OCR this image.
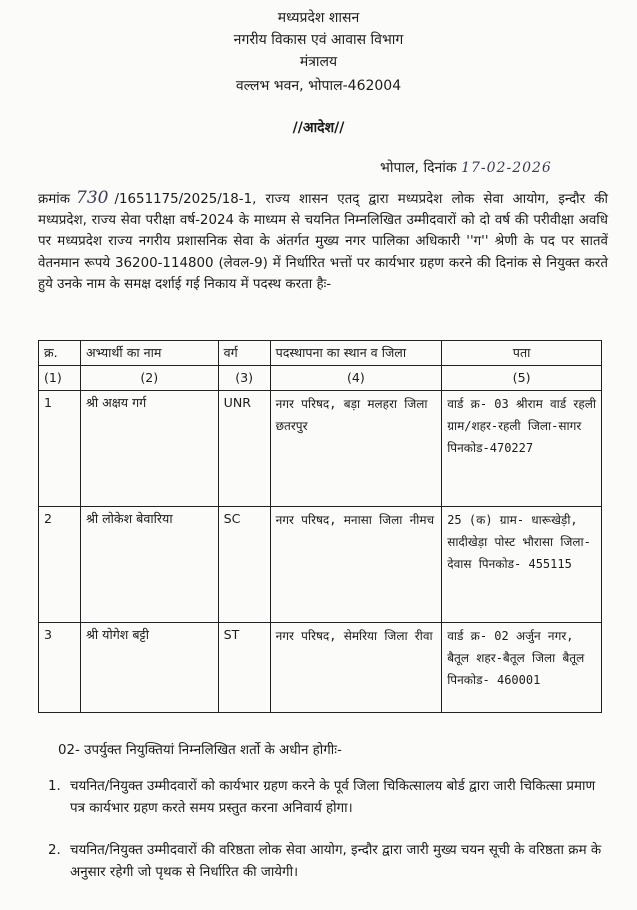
मध्यप्रदेश शासन
नगरीय विकास एवं आवास विभाग
मंत्रालय
वल्लभ भवन, भोपाल-462004
//आदेश//
भोपाल, दिनांक 17-02-2026
क्रमांक 730 /1651175/2025/18-1, राज्य शासन एतद् द्वारा मध्यप्रदेश लोक सेवा आयोग, इन्दौर की मध्यप्रदेश, राज्य सेवा परीक्षा वर्ष-2024 के माध्यम से चयनित निम्नलिखित उम्मीदवारों को दो वर्ष की परीवीक्षा अवधि पर मध्यप्रदेश राज्य नगरीय प्रशासनिक सेवा के अंतर्गत मुख्य नगर पालिका अधिकारी ''ग'' श्रेणी के पद पर सातवें वेतनमान रूपये 36200-114800 (लेवल-9) में निर्धारित भत्तों पर कार्यभार ग्रहण करने की दिनांक से नियुक्त करते हुये उनके नाम के समक्ष दर्शाई गई निकाय में पदस्थ करता हैः-
क्र.	अभ्यार्थी का नाम	वर्ग	पदस्थापना का स्थान व जिला	पता
(1)	(2)	(3)	(4)	(5)
1	श्री अक्षय गर्ग	UNR	नगर परिषद, बड़ा मलहरा जिला छतरपुर	वार्ड क्र- 03 श्रीराम वार्ड रहली ग्राम/शहर-रहली जिला-सागर पिनकोड-470227
2	श्री लोकेश बेवारिया	SC	नगर परिषद, मनासा जिला नीमच	25 (क) ग्राम- धारूखेड़ी, सादीखेड़ा पोस्ट भौरासा जिला- देवास पिनकोड- 455115
3	श्री योगेश बट्टी	ST	नगर परिषद, सेमरिया जिला रीवा	वार्ड क्र- 02 अर्जुन नगर, बैतूल शहर-बैतूल जिला बैतूल पिनकोड- 460001
02- उपर्युक्त नियुक्तियां निम्नलिखित शर्तो के अधीन होगीः-
1. चयनित/नियुक्त उम्मीदवारों को कार्यभार ग्रहण करने के पूर्व जिला चिकित्सालय बोर्ड द्वारा जारी चिकित्सा प्रमाण पत्र कार्यभार ग्रहण करते समय प्रस्तुत करना अनिवार्य होगा।
2. चयनित/नियुक्त उम्मीदवारों की वरिष्ठता लोक सेवा आयोग, इन्दौर द्वारा जारी मुख्य चयन सूची के वरिष्ठता क्रम के अनुसार रहेगी जो पृथक से निर्धारित की जायेगी।
